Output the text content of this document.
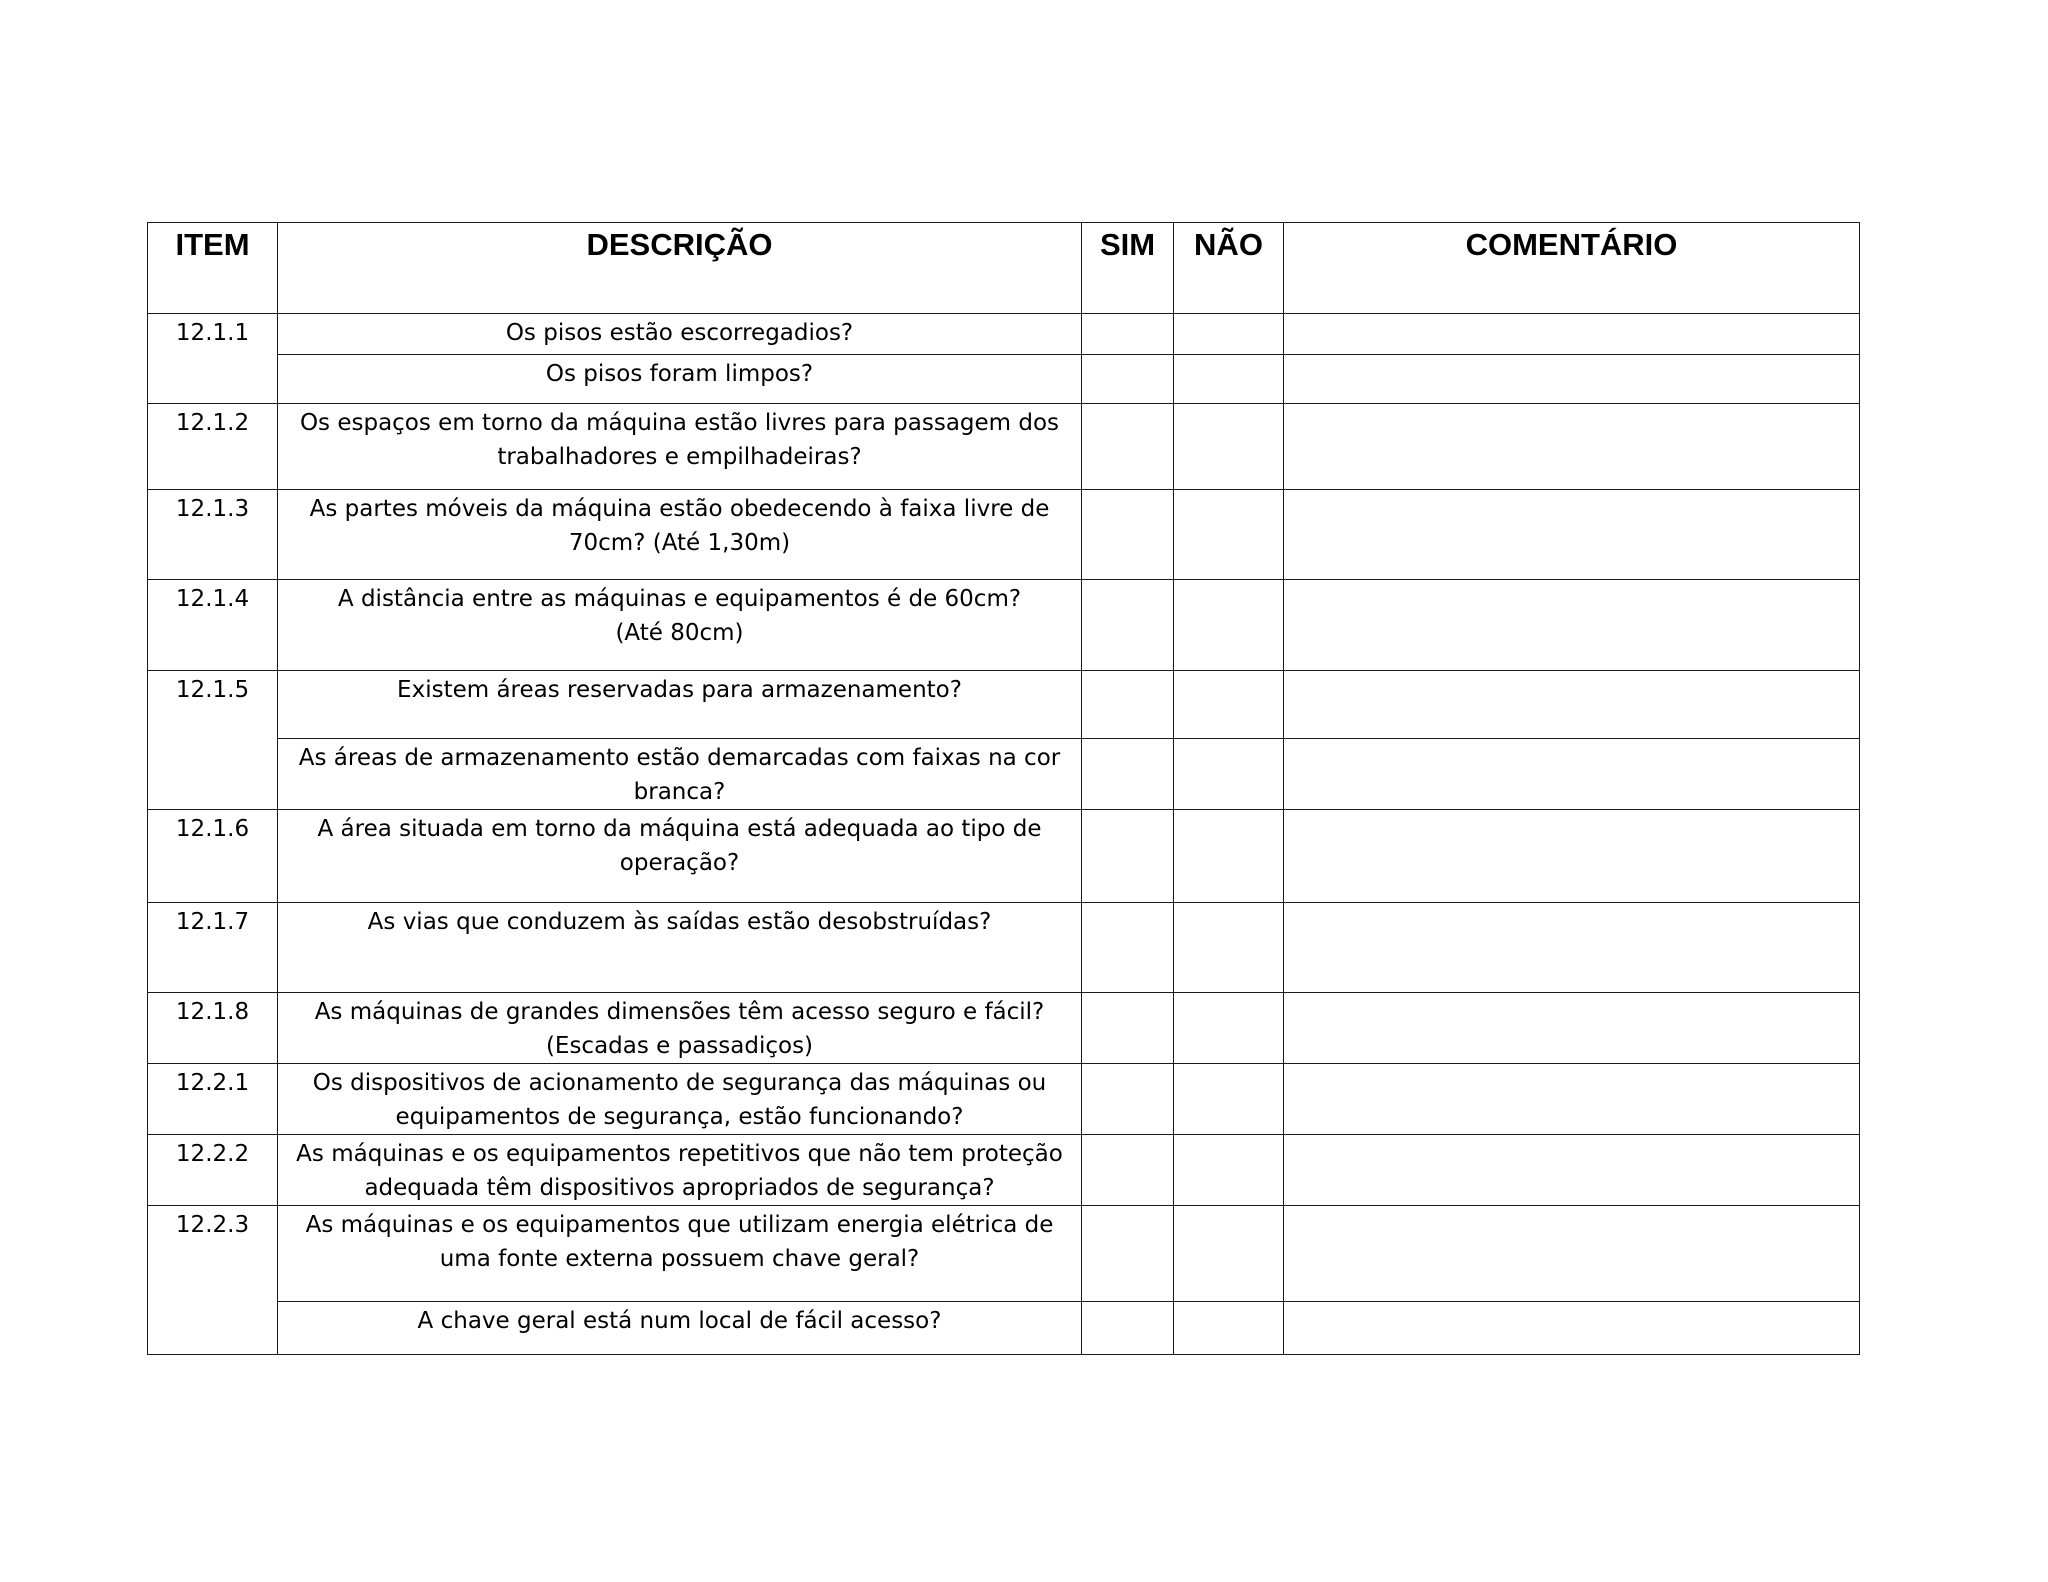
ITEM	DESCRIÇÃO	SIM	NÃO	COMENTÁRIO
12.1.1	Os pisos estão escorregadios?			

	Os pisos foram limpos?			

12.1.2	Os espaços em torno da máquina estão livres para passagem dos
trabalhadores e empilhadeiras?			

12.1.3	As partes móveis da máquina estão obedecendo à faixa livre de
70cm? (Até 1,30m)			

12.1.4	A distância entre as máquinas e equipamentos é de 60cm?
(Até 80cm)			

12.1.5	Existem áreas reservadas para armazenamento?			

	As áreas de armazenamento estão demarcadas com faixas na cor
branca?			

12.1.6	A área situada em torno da máquina está adequada ao tipo de
operação?			

12.1.7	As vias que conduzem às saídas estão desobstruídas?			

12.1.8	As máquinas de grandes dimensões têm acesso seguro e fácil?
(Escadas e passadiços)			

12.2.1	Os dispositivos de acionamento de segurança das máquinas ou
equipamentos de segurança, estão funcionando?			

12.2.2	As máquinas e os equipamentos repetitivos que não tem proteção
adequada têm dispositivos apropriados de segurança?			

12.2.3	As máquinas e os equipamentos que utilizam energia elétrica de
uma fonte externa possuem chave geral?			

	A chave geral está num local de fácil acesso?			
